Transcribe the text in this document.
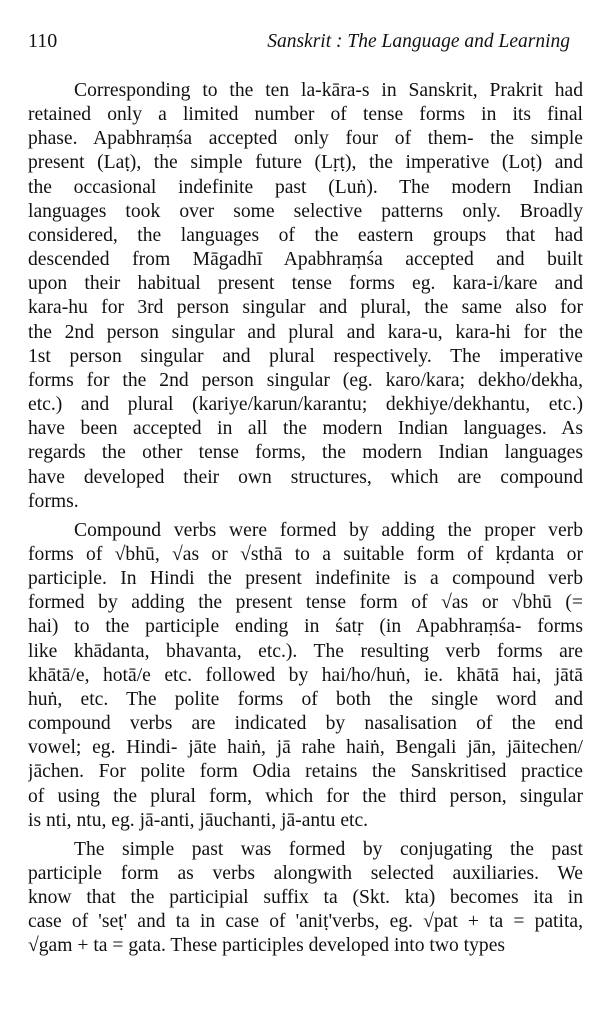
110	Sanskrit : The Language and Learning
Corresponding to the ten la-kāra-s in Sanskrit, Prakrit had
retained only a limited number of tense forms in its final
phase. Apabhraṃśa accepted only four of them- the simple
present (Laṭ), the simple future (Lṛṭ), the imperative (Loṭ) and
the occasional indefinite past (Luṅ). The modern Indian
languages took over some selective patterns only. Broadly
considered, the languages of the eastern groups that had
descended from Māgadhī Apabhraṃśa accepted and built
upon their habitual present tense forms eg. kara-i/kare and
kara-hu for 3rd person singular and plural, the same also for
the 2nd person singular and plural and kara-u, kara-hi for the
1st person singular and plural respectively. The imperative
forms for the 2nd person singular (eg. karo/kara; dekho/dekha,
etc.) and plural (kariye/karun/karantu; dekhiye/dekhantu, etc.)
have been accepted in all the modern Indian languages. As
regards the other tense forms, the modern Indian languages
have developed their own structures, which are compound
forms.
Compound verbs were formed by adding the proper verb
forms of √bhū, √as or √sthā to a suitable form of kṛdanta or
participle. In Hindi the present indefinite is a compound verb
formed by adding the present tense form of √as or √bhū (=
hai) to the participle ending in śatṛ (in Apabhraṃśa- forms
like khādanta, bhavanta, etc.). The resulting verb forms are
khātā/e, hotā/e etc. followed by hai/ho/huṅ, ie. khātā hai, jātā
huṅ, etc. The polite forms of both the single word and
compound verbs are indicated by nasalisation of the end
vowel; eg. Hindi- jāte haiṅ, jā rahe haiṅ, Bengali jān, jāitechen/
jāchen. For polite form Odia retains the Sanskritised practice
of using the plural form, which for the third person, singular
is nti, ntu, eg. jā-anti, jāuchanti, jā-antu etc.
The simple past was formed by conjugating the past
participle form as verbs alongwith selected auxiliaries. We
know that the participial suffix ta (Skt. kta) becomes ita in
case of 'seṭ' and ta in case of 'aniṭ'verbs, eg. √pat + ta = patita,
√gam + ta = gata. These participles developed into two types
